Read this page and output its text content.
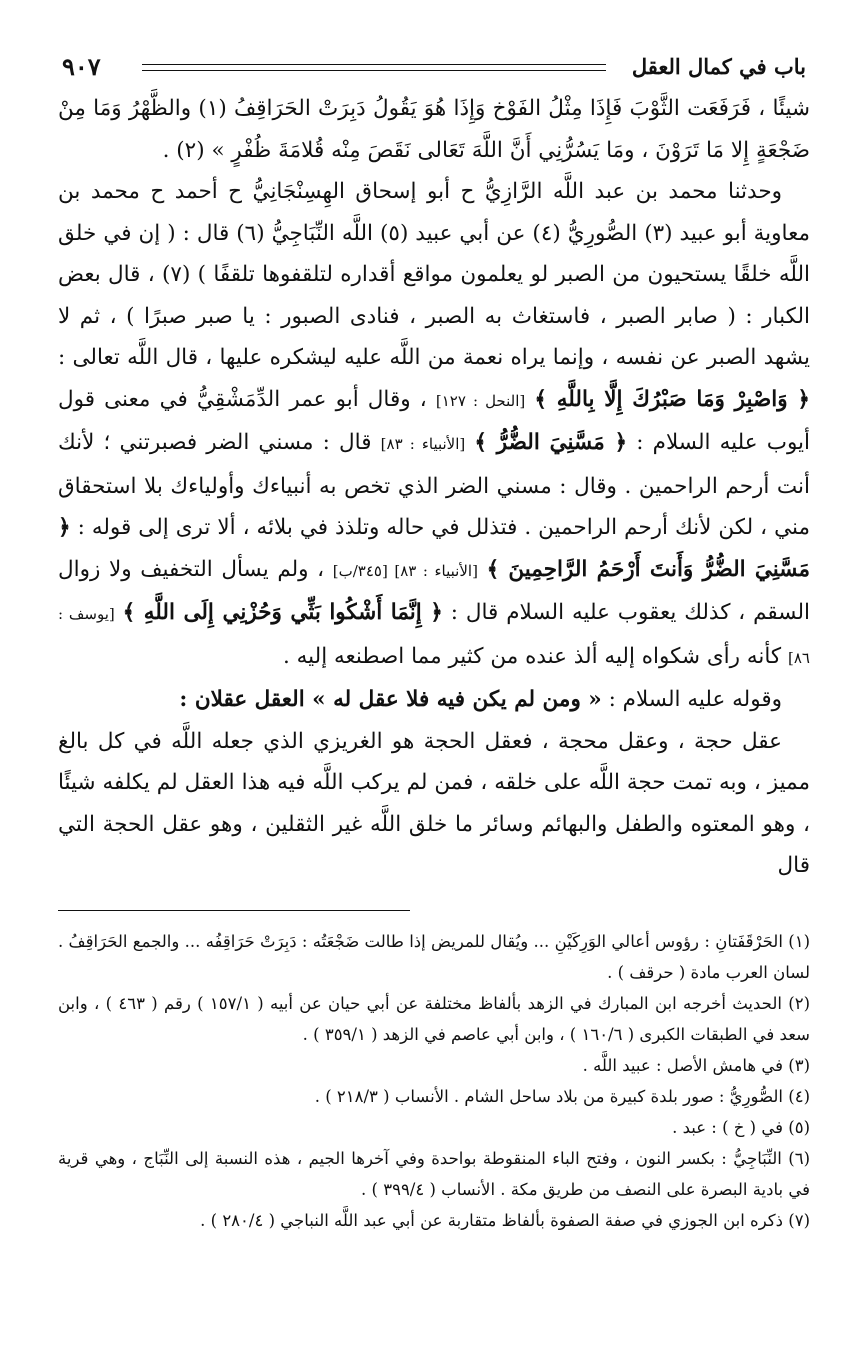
٩٠٧	باب في كمال العقل

شيئًا ، فَرَفَعَت الثَّوْبَ فَإِذَا مِثْلُ الفَوْخ وَإِذَا هُوَ يَقُولُ دَبِرَتْ الحَرَاقِفُ (١) والظَّهْرُ وَمَا مِنْ ضَجْعَةٍ إِلا مَا تَرَوْنَ ، ومَا يَسُرُّنِي أَنَّ اللَّهَ تَعَالى نَقَصَ مِنْه قُلامَةَ ظُفْرٍ » (٢) .

وحدثنا محمد بن عبد اللَّه الرَّازِيُّ ح أبو إسحاق الهِسِنْجَانِيُّ ح أحمد ح محمد بن معاوية أبو عبيد (٣) الصُّورِيُّ (٤) عن أبي عبيد (٥) اللَّه النِّبَاجِيُّ (٦) قال : ( إن في خلق اللَّه خلقًا يستحيون من الصبر لو يعلمون مواقع أقداره لتلقفوها تلقفًا ) (٧) ، قال بعض الكبار : ( صابر الصبر ، فاستغاث به الصبر ، فنادى الصبور : يا صبر صبرًا ) ، ثم لا يشهد الصبر عن نفسه ، وإنما يراه نعمة من اللَّه عليه ليشكره عليها ، قال اللَّه تعالى : ﴿ وَاصْبِرْ وَمَا صَبْرُكَ إِلَّا بِاللَّهِ ﴾ [النحل : ١٢٧] ، وقال أبو عمر الدِّمَشْقِيُّ في معنى قول أيوب عليه السلام : ﴿ مَسَّنِيَ الضُّرُّ ﴾ [الأنبياء : ٨٣] قال : مسني الضر فصبرتني ؛ لأنك أنت أرحم الراحمين . وقال : مسني الضر الذي تخص به أنبياءك وأولياءك بلا استحقاق مني ، لكن لأنك أرحم الراحمين . فتذلل في حاله وتلذذ في بلائه ، ألا ترى إلى قوله : ﴿ مَسَّنِيَ الضُّرُّ وَأَنتَ أَرْحَمُ الرَّاحِمِينَ ﴾ [الأنبياء : ٨٣] [٣٤٥/ب] ، ولم يسأل التخفيف ولا زوال السقم ، كذلك يعقوب عليه السلام قال : ﴿ إِنَّمَا أَشْكُوا بَثِّي وَحُزْنِي إِلَى اللَّهِ ﴾ [يوسف : ٨٦] كأنه رأى شكواه إليه ألذ عنده من كثير مما اصطنعه إليه .

وقوله عليه السلام : « ومن لم يكن فيه فلا عقل له » العقل عقلان :

عقل حجة ، وعقل محجة ، فعقل الحجة هو الغريزي الذي جعله اللَّه في كل بالغ مميز ، وبه تمت حجة اللَّه على خلقه ، فمن لم يركب اللَّه فيه هذا العقل لم يكلفه شيئًا ، وهو المعتوه والطفل والبهائم وسائر ما خلق اللَّه غير الثقلين ، وهو عقل الحجة التي قال

(١) الحَرْقَفَتانِ : رؤوس أعالي الوَرِكَيْنِ ... ويُقال للمريض إذا طالت ضَجْعَتُه : دَبِرَتْ حَرَاقِفُه ... والجمع الحَرَاقِفُ . لسان العرب مادة ( حرقف ) .

(٢) الحديث أخرجه ابن المبارك في الزهد بألفاظ مختلفة عن أبي حيان عن أبيه ( ١٥٧/١ ) رقم ( ٤٦٣ ) ، وابن سعد في الطبقات الكبرى ( ١٦٠/٦ ) ، وابن أبي عاصم في الزهد ( ٣٥٩/١ ) .

(٣) في هامش الأصل : عبيد اللَّه .

(٤) الصُّورِيُّ : صور بلدة كبيرة من بلاد ساحل الشام . الأنساب ( ٢١٨/٣ ) .

(٥) في ( خ ) : عبد .

(٦) النِّبَاجِيُّ : بكسر النون ، وفتح الباء المنقوطة بواحدة وفي آخرها الجيم ، هذه النسبة إلى النِّبَاج ، وهي قرية في بادية البصرة على النصف من طريق مكة . الأنساب ( ٣٩٩/٤ ) .

(٧) ذكره ابن الجوزي في صفة الصفوة بألفاظ متقاربة عن أبي عبد اللَّه النباجي ( ٢٨٠/٤ ) .
